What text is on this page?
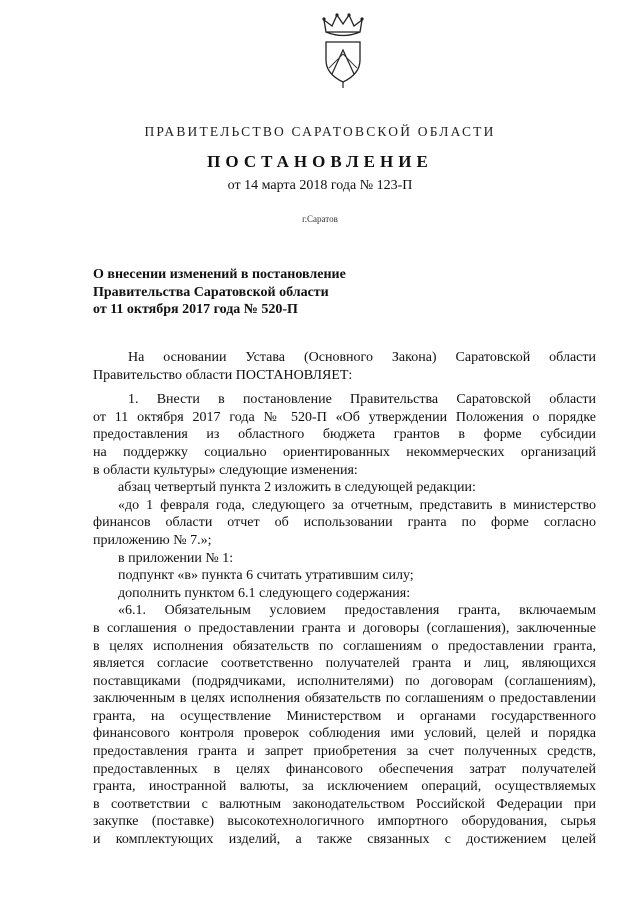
ПРАВИТЕЛЬСТВО САРАТОВСКОЙ ОБЛАСТИ
ПОСТАНОВЛЕНИЕ
от 14 марта 2018 года № 123-П
г.Саратов
О внесении изменений в постановление
Правительства Саратовской области
от 11 октября 2017 года № 520-П
На основании Устава (Основного Закона) Саратовской области
Правительство области ПОСТАНОВЛЯЕТ:
1. Внести в постановление Правительства Саратовской области
от 11 октября 2017 года № 520-П «Об утверждении Положения о порядке
предоставления из областного бюджета грантов в форме субсидии
на поддержку социально ориентированных некоммерческих организаций
в области культуры» следующие изменения:
абзац четвертый пункта 2 изложить в следующей редакции:
«до 1 февраля года, следующего за отчетным, представить в министерство
финансов области отчет об использовании гранта по форме согласно
приложению № 7.»;
в приложении № 1:
подпункт «в» пункта 6 считать утратившим силу;
дополнить пунктом 6.1 следующего содержания:
«6.1. Обязательным условием предоставления гранта, включаемым
в соглашения о предоставлении гранта и договоры (соглашения), заключенные
в целях исполнения обязательств по соглашениям о предоставлении гранта,
является согласие соответственно получателей гранта и лиц, являющихся
поставщиками (подрядчиками, исполнителями) по договорам (соглашениям),
заключенным в целях исполнения обязательств по соглашениям о предоставлении
гранта, на осуществление Министерством и органами государственного
финансового контроля проверок соблюдения ими условий, целей и порядка
предоставления гранта и запрет приобретения за счет полученных средств,
предоставленных в целях финансового обеспечения затрат получателей
гранта, иностранной валюты, за исключением операций, осуществляемых
в соответствии с валютным законодательством Российской Федерации при
закупке (поставке) высокотехнологичного импортного оборудования, сырья
и комплектующих изделий, а также связанных с достижением целей
